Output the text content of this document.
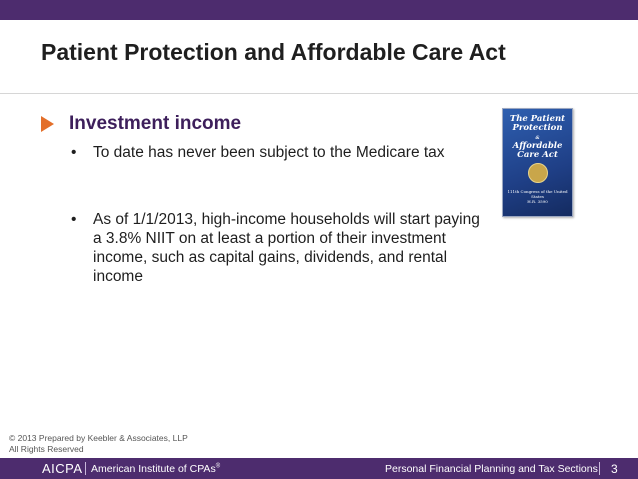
Patient Protection and Affordable Care Act
Investment income
•	To date has never been subject to the Medicare tax
•	As of 1/1/2013, high-income households will start paying a 3.8% NIIT on at least a portion of their investment income, such as capital gains, dividends, and rental income
The Patient Protection
&
Affordable Care Act
111th Congress of the United States
H.R. 3590
© 2013 Prepared by Keebler & Associates, LLP
All Rights Reserved
AICPA American Institute of CPAs®	Personal Financial Planning and Tax Sections 3
